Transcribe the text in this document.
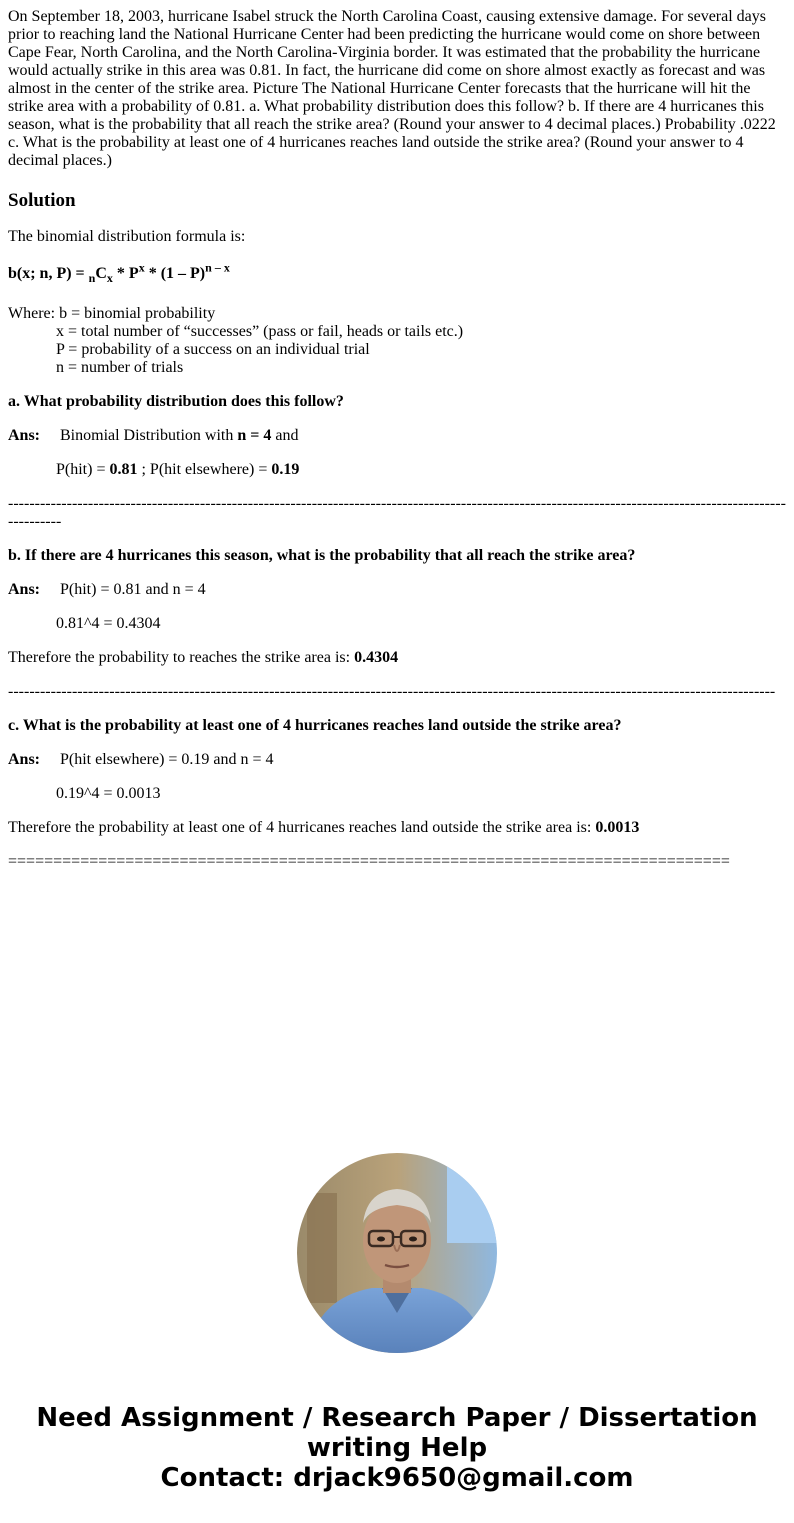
On September 18, 2003, hurricane Isabel struck the North Carolina Coast, causing extensive damage. For several days prior to reaching land the National Hurricane Center had been predicting the hurricane would come on shore between Cape Fear, North Carolina, and the North Carolina-Virginia border. It was estimated that the probability the hurricane would actually strike in this area was 0.81. In fact, the hurricane did come on shore almost exactly as forecast and was almost in the center of the strike area. Picture The National Hurricane Center forecasts that the hurricane will hit the strike area with a probability of 0.81. a. What probability distribution does this follow? b. If there are 4 hurricanes this season, what is the probability that all reach the strike area? (Round your answer to 4 decimal places.) Probability .0222 c. What is the probability at least one of 4 hurricanes reaches land outside the strike area? (Round your answer to 4 decimal places.)
Solution

The binomial distribution formula is:

b(x; n, $P) = _nC_x * P^x * (1 - P)^{n - x}$

Where: b = binomial probability
x = total number of “successes” (pass or fail, heads or tails etc.)
P = probability of a success on an individual trial
n = number of trials

a. What probability distribution does this follow?

Ans: Binomial Distribution with n = 4 and

P(hit) = 0.81 ; P(hit elsewhere) = 0.19

------------------------------------------------------------------------------------------------------------------------------------------------------------

b. If there are 4 hurricanes this season, what is the probability that all reach the strike area?

Ans: P(hit) = 0.81 and n = 4

0.81^4 = 0.4304

Therefore the probability to reaches the strike area is: 0.4304

------------------------------------------------------------------------------------------------------------------------------------------------

c. What is the probability at least one of 4 hurricanes reaches land outside the strike area?

Ans: P(hit elsewhere) = 0.19 and n = 4

0.19^4 = 0.0013

Therefore the probability at least one of 4 hurricanes reaches land outside the strike area is: 0.0013

================================================================================

Need Assignment / Research Paper / Dissertation
writing Help
Contact: drjack9650@gmail.com
